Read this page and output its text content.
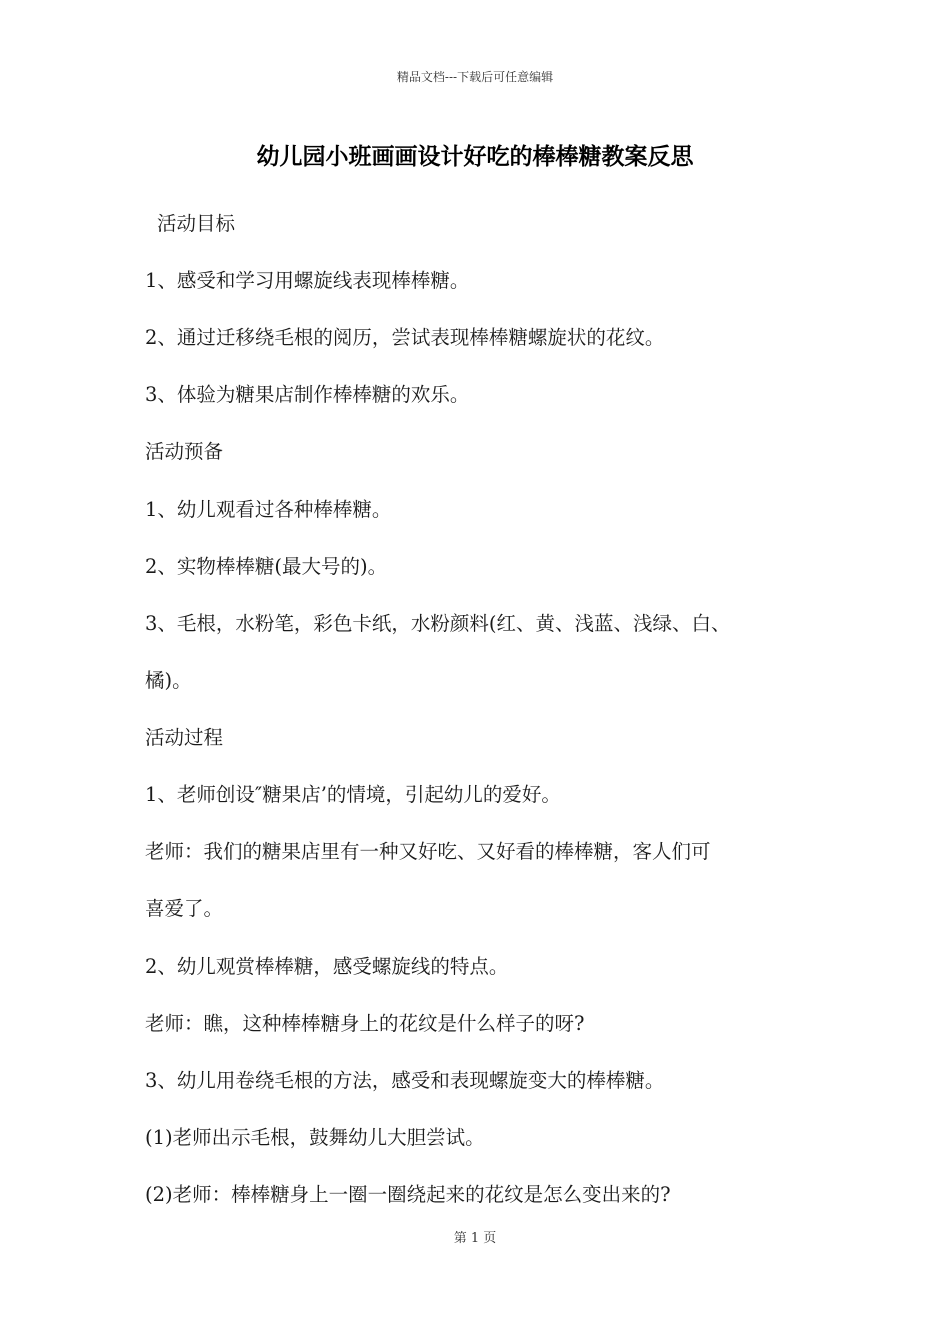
精品文档---下载后可任意编辑
幼儿园小班画画设计好吃的棒棒糖教案反思
活动目标
1、感受和学习用螺旋线表现棒棒糖。
2、通过迁移绕毛根的阅历，尝试表现棒棒糖螺旋状的花纹。
3、体验为糖果店制作棒棒糖的欢乐。
活动预备
1、幼儿观看过各种棒棒糖。
2、实物棒棒糖(最大号的)。
3、毛根，水粉笔，彩色卡纸，水粉颜料(红、黄、浅蓝、浅绿、白、
橘)。
活动过程
1、老师创设″糖果店’的情境，引起幼儿的爱好。
老师：我们的糖果店里有一种又好吃、又好看的棒棒糖，客人们可
喜爱了。
2、幼儿观赏棒棒糖，感受螺旋线的特点。
老师：瞧，这种棒棒糖身上的花纹是什么样子的呀?
3、幼儿用卷绕毛根的方法，感受和表现螺旋变大的棒棒糖。
(1)老师出示毛根，鼓舞幼儿大胆尝试。
(2)老师：棒棒糖身上一圈一圈绕起来的花纹是怎么变出来的?
第 1 页
